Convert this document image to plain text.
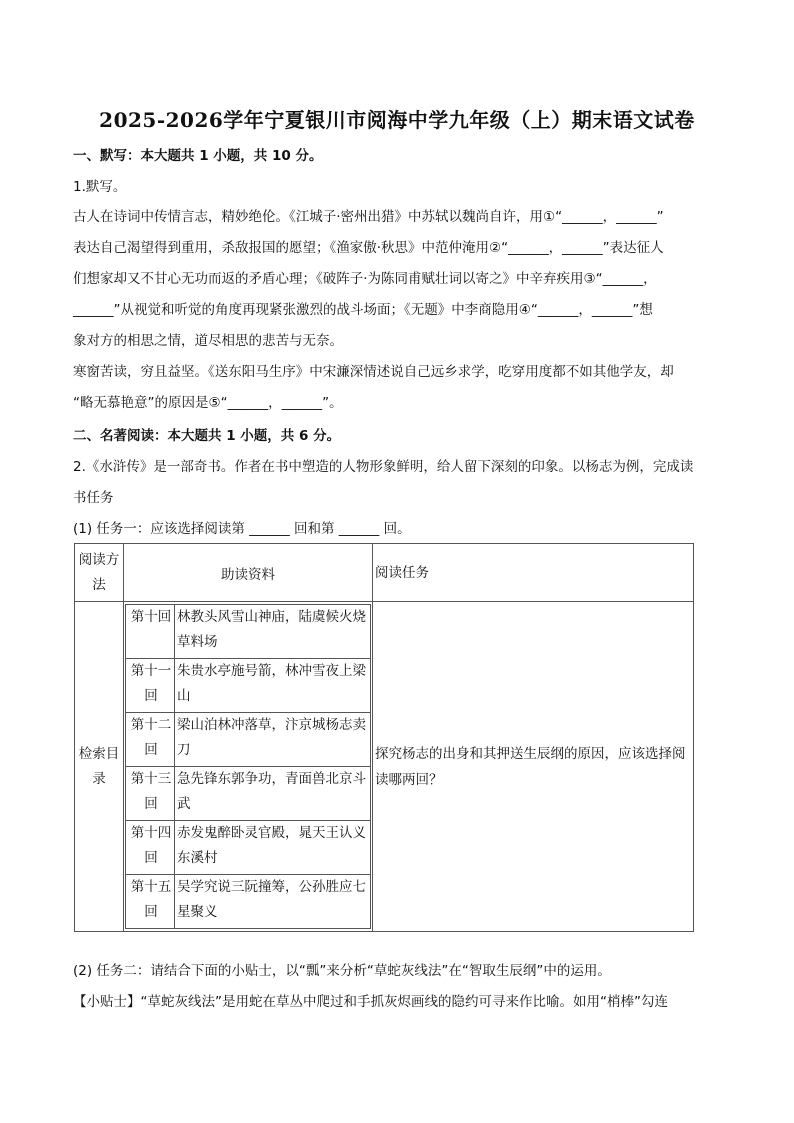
2025-2026学年宁夏银川市阅海中学九年级（上）期末语文试卷
一、默写：本大题共 1 小题，共 10 分。
1.默写。
古人在诗词中传情言志，精妙绝伦。《江城子·密州出猎》中苏轼以魏尚自许，用①“______，______”
表达自己渴望得到重用，杀敌报国的愿望；《渔家傲·秋思》中范仲淹用②“______，______”表达征人
们想家却又不甘心无功而返的矛盾心理；《破阵子·为陈同甫赋壮词以寄之》中辛弃疾用③“______，
______”从视觉和听觉的角度再现紧张激烈的战斗场面；《无题》中李商隐用④“______，______”想
象对方的相思之情，道尽相思的悲苦与无奈。
寒窗苦读，穷且益坚。《送东阳马生序》中宋濂深情述说自己远乡求学，吃穿用度都不如其他学友，却
“略无慕艳意”的原因是⑤“______，______”。
二、名著阅读：本大题共 1 小题，共 6 分。
2.《水浒传》是一部奇书。作者在书中塑造的人物形象鲜明，给人留下深刻的印象。以杨志为例，完成读
书任务
(1) 任务一：应该选择阅读第 ______ 回和第 ______ 回。
阅读方法	助读资料	阅读任务
检索目录	
第十回	林教头风雪山神庙，陆虞候火烧草料场
第十一回	朱贵水亭施号箭，林冲雪夜上梁山
第十二回	梁山泊林冲落草，汴京城杨志卖刀
第十三回	急先锋东郭争功，青面兽北京斗武
第十四回	赤发鬼醉卧灵官殿，晁天王认义东溪村
第十五回	吴学究说三阮撞筹，公孙胜应七星聚义
	探究杨志的出身和其押送生辰纲的原因，应该选择阅读哪两回？
(2) 任务二：请结合下面的小贴士，以“瓢”来分析“草蛇灰线法”在“智取生辰纲”中的运用。
【小贴士】“草蛇灰线法”是用蛇在草丛中爬过和手抓灰烬画线的隐约可寻来作比喻。如用“梢棒”勾连
